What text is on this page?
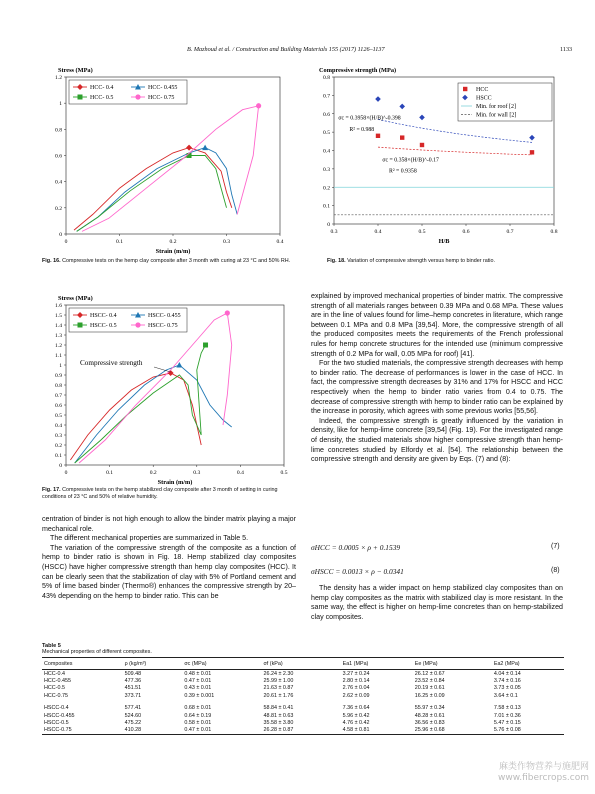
B. Mazhoud et al. / Construction and Building Materials 155 (2017) 1126–1137	1133
Stress (MPa)
Strain (m/m)
0
0.2
0.4
0.6
0.8
1
1.2
0	0.1	0.2	0.3	0.4
HCC- 0.4	HCC- 0.455
HCC- 0.5	HCC- 0.75
Fig. 16. Compressive tests on the hemp clay composite after 3 month with curing at 23 °C and 50% RH.
Compressive strength (MPa)
H/B
0
0.1
0.2
0.3
0.4
0.5
0.6
0.7
0.8
0.3	0.4	0.5	0.6	0.7	0.8
HCC
HSCC
Min. for roof [2]
Min. for wall [2]
σc = 0.3958×(H/B)^-0.398
R² = 0.988
σc = 0.358×(H/B)^-0.17
R² = 0.9358
Fig. 18. Variation of compressive strength versus hemp to binder ratio.
Stress (MPa)
Strain (m/m)
0
0.1
0.2
0.3
0.4
0.5
0.6
0.7
0.8
0.9
1
1.1
1.2
1.3
1.4
1.5
1.6
0	0.1	0.2	0.3	0.4	0.5
HSCC- 0.4	HSCC- 0.455
HSCC- 0.5	HSCC- 0.75
Compressive strength
Fig. 17. Compressive tests on the hemp stabilized clay composite after 3 month of setting in curing conditions of 23 °C and 50% of relative humidity.

centration of binder is not high enough to allow the binder matrix playing a major mechanical role.

The different mechanical properties are summarized in Table 5.

The variation of the compressive strength of the composite as a function of hemp to binder ratio is shown in Fig. 18. Hemp stabilized clay composites (HSCC) have higher compressive strength than hemp clay composites (HCC). It can be clearly seen that the stabilization of clay with 5% of Portland cement and 5% of lime based binder (Thermo®) enhances the compressive strength by 20–43% depending on the hemp to binder ratio. This can be

explained by improved mechanical properties of binder matrix. The compressive strength of all materials ranges between 0.39 MPa and 0.68 MPa. These values are in the line of values found for lime–hemp concretes in literature, which range between 0.1 MPa and 0.8 MPa [39,54]. More, the compressive strength of all the produced composites meets the requirements of the French professional rules for hemp concrete structures for the intended use (minimum compressive strength of 0.2 MPa for wall, 0.05 MPa for roof) [41].

For the two studied materials, the compressive strength decreases with hemp to binder ratio. The decrease of performances is lower in the case of HCC. In fact, the compressive strength decreases by 31% and 17% for HSCC and HCC respectively when the hemp to binder ratio varies from 0.4 to 0.75. The decrease of compressive strength with hemp to binder ratio can be explained by the increase in porosity, which agrees with some previous works [55,56].

Indeed, the compressive strength is greatly influenced by the variation in density, like for hemp-lime concrete [39,54] (Fig. 19). For the investigated range of density, the studied materials show higher compressive strength than hemp-lime concretes studied by Elfordy et al. [54]. The relationship between the compressive strength and density are given by Eqs. (7) and (8):

σHCC = 0.0005 × ρ + 0.1539	(7)
σHSCC = 0.0013 × ρ − 0.0341	(8)

The density has a wider impact on hemp stabilized clay composites than on hemp clay composites as the matrix with stabilized clay is more resistant. In the same way, the effect is higher on hemp-lime concretes than on hemp-stabilized clay composites.

Table 5
Mechanical properties of different composites.
Composites	ρ (kg/m³)	σc (MPa)	σf (kPa)	Ea1 (MPa)	Ee (MPa)	Ea2 (MPa)
HCC-0.4	509.48	0.48 ± 0.01	26.24 ± 2.30	3.27 ± 0.24	26.12 ± 0.67	4.04 ± 0.14
HCC-0.455	477.36	0.47 ± 0.01	25.99 ± 1.00	2.80 ± 0.14	23.52 ± 0.84	3.74 ± 0.16
HCC-0.5	451.51	0.43 ± 0.01	21.63 ± 0.87	2.76 ± 0.04	20.19 ± 0.61	3.73 ± 0.05
HCC-0.75	373.71	0.39 ± 0.001	20.61 ± 1.76	2.62 ± 0.09	16.25 ± 0.09	3.64 ± 0.1
HSCC-0.4	577.41	0.68 ± 0.01	58.84 ± 0.41	7.36 ± 0.64	55.97 ± 0.34	7.58 ± 0.13
HSCC-0.455	524.60	0.64 ± 0.19	48.81 ± 0.63	5.96 ± 0.42	48.28 ± 0.61	7.01 ± 0.36
HSCC-0.5	475.22	0.58 ± 0.01	35.58 ± 3.80	4.76 ± 0.42	36.56 ± 0.83	5.47 ± 0.15
HSCC-0.75	410.28	0.47 ± 0.01	26.28 ± 0.87	4.58 ± 0.81	25.96 ± 0.68	5.76 ± 0.08
麻类作物营养与施肥网
www.fibercrops.com
